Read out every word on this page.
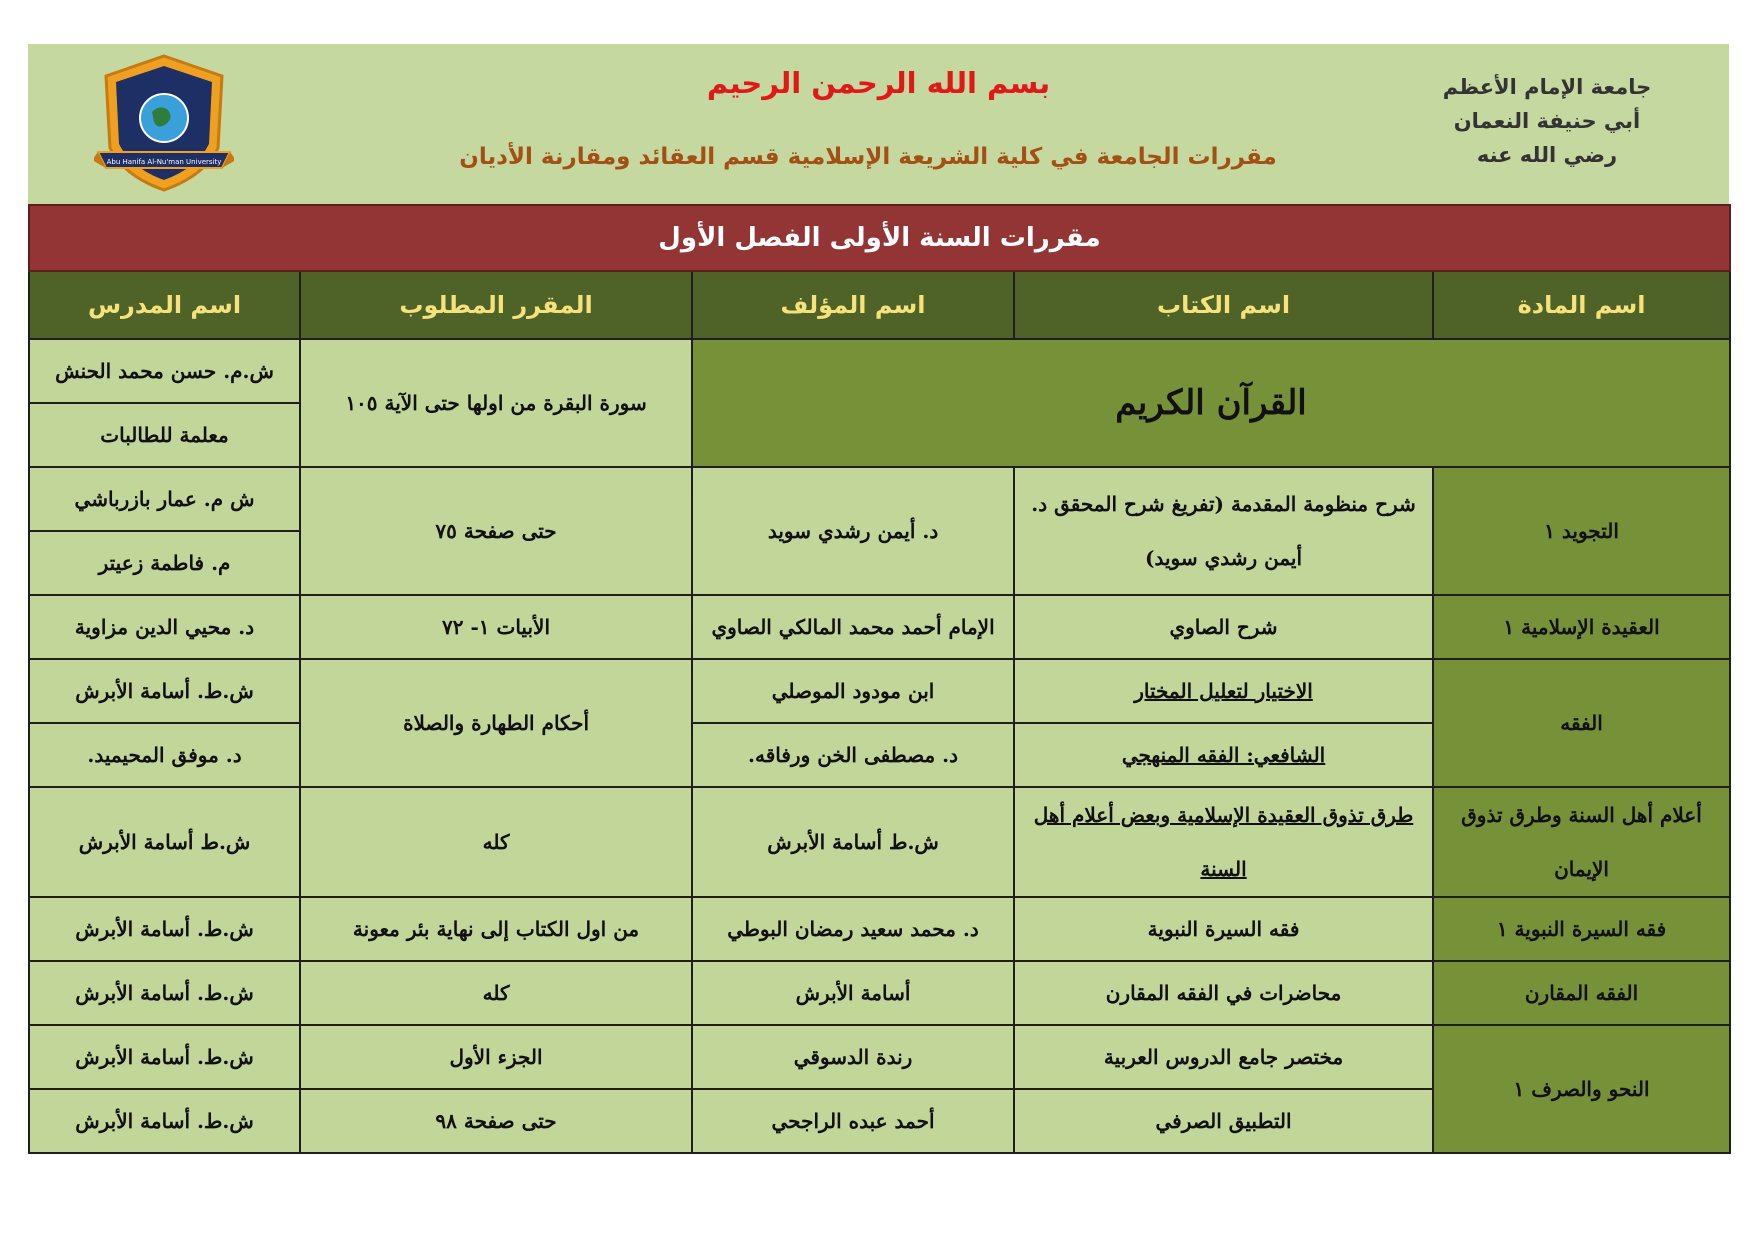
جامعة الإمام الأعظم
أبي حنيفة النعمان
رضي الله عنه
بسم الله الرحمن الرحيم
مقررات الجامعة في كلية الشريعة الإسلامية قسم العقائد ومقارنة الأديان
Abu Hanifa Al-Nu'man University
مقررات السنة الأولى الفصل الأول				
اسم المادة	اسم الكتاب	اسم المؤلف	المقرر المطلوب	اسم المدرس
القرآن الكريم			سورة البقرة من اولها حتى الآية ١٠٥	ش.م. حسن محمد الحنش
				معلمة للطالبات
التجويد ١	شرح منظومة المقدمة (تفريغ شرح المحقق د. أيمن رشدي سويد)	د. أيمن رشدي سويد	حتى صفحة ٧٥	ش م. عمار بازرباشي
				م. فاطمة زعيتر
العقيدة الإسلامية ١	شرح الصاوي	الإمام أحمد محمد المالكي الصاوي	الأبيات ١- ٧٢	د. محيي الدين مزاوية
الفقه	الاختيار لتعليل المختار	ابن مودود الموصلي	أحكام الطهارة والصلاة	ش.ط. أسامة الأبرش
	الشافعي: الفقه المنهجي	د. مصطفى الخن ورفاقه.		د. موفق المحيميد.
أعلام أهل السنة وطرق تذوق الإيمان	طرق تذوق العقيدة الإسلامية وبعض أعلام أهل السنة	ش.ط أسامة الأبرش	كله	ش.ط أسامة الأبرش
فقه السيرة النبوية ١	فقه السيرة النبوية	د. محمد سعيد رمضان البوطي	من اول الكتاب إلى نهاية بئر معونة	ش.ط. أسامة الأبرش
الفقه المقارن	محاضرات في الفقه المقارن	أسامة الأبرش	كله	ش.ط. أسامة الأبرش
النحو والصرف ١	مختصر جامع الدروس العربية	رندة الدسوقي	الجزء الأول	ش.ط. أسامة الأبرش
	التطبيق الصرفي	أحمد عبده الراجحي	حتى صفحة ٩٨	ش.ط. أسامة الأبرش
